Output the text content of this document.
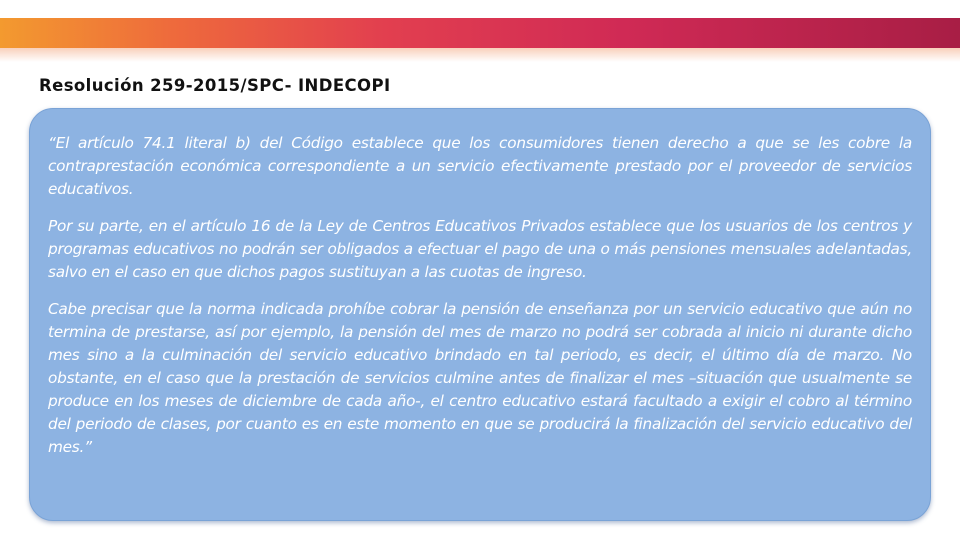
Resolución 259-2015/SPC- INDECOPI

“El artículo 74.1 literal b) del Código establece que los consumidores tienen derecho a que se les cobre la contraprestación económica correspondiente a un servicio efectivamente prestado por el proveedor de servicios educativos.

Por su parte, en el artículo 16 de la Ley de Centros Educativos Privados establece que los usuarios de los centros y programas educativos no podrán ser obligados a efectuar el pago de una o más pensiones mensuales adelantadas, salvo en el caso en que dichos pagos sustituyan a las cuotas de ingreso.

Cabe precisar que la norma indicada prohíbe cobrar la pensión de enseñanza por un servicio educativo que aún no termina de prestarse, así por ejemplo, la pensión del mes de marzo no podrá ser cobrada al inicio ni durante dicho mes sino a la culminación del servicio educativo brindado en tal periodo, es decir, el último día de marzo. No obstante, en el caso que la prestación de servicios culmine antes de finalizar el mes –situación que usualmente se produce en los meses de diciembre de cada año-, el centro educativo estará facultado a exigir el cobro al término del periodo de clases, por cuanto es en este momento en que se producirá la finalización del servicio educativo del mes.”
